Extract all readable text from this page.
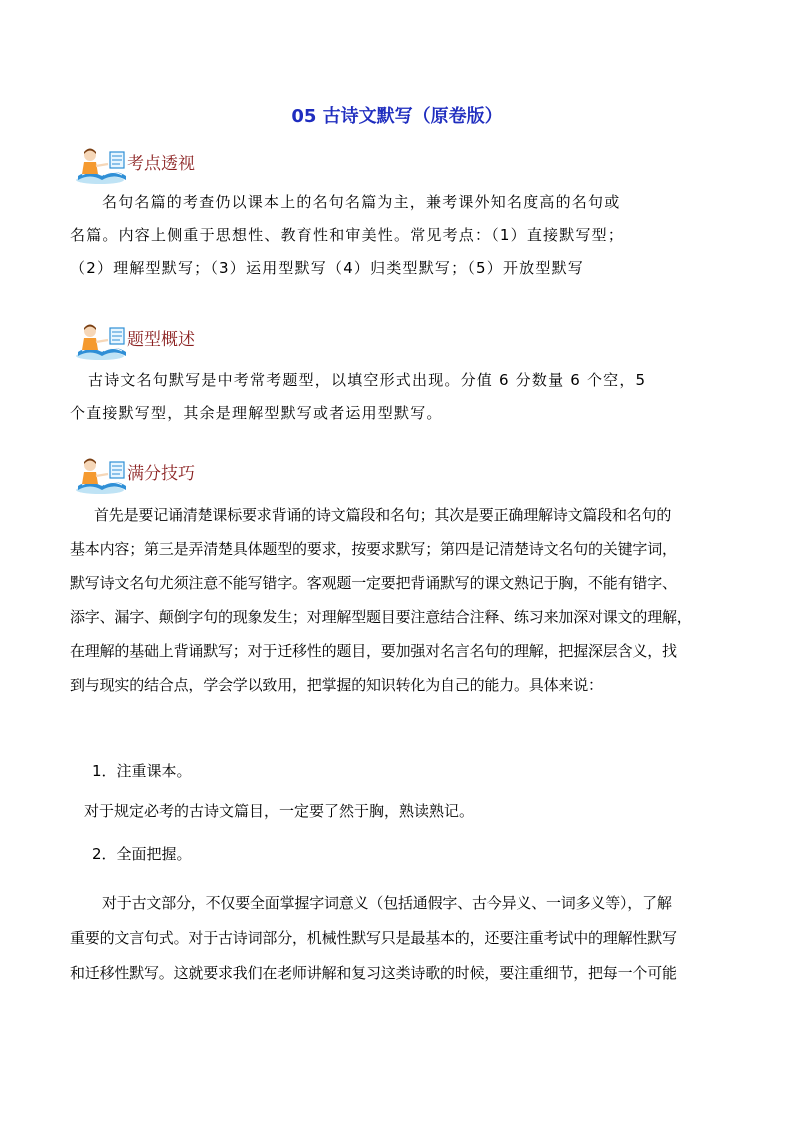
05 古诗文默写（原卷版）
考点透视
名句名篇的考查仍以课本上的名句名篇为主，兼考课外知名度高的名句或
名篇。内容上侧重于思想性、教育性和审美性。常见考点：（1）直接默写型；
（2）理解型默写；（3）运用型默写（4）归类型默写；（5）开放型默写
题型概述
古诗文名句默写是中考常考题型，以填空形式出现。分值 6 分数量 6 个空，5
个直接默写型，其余是理解型默写或者运用型默写。
满分技巧
首先是要记诵清楚课标要求背诵的诗文篇段和名句；其次是要正确理解诗文篇段和名句的
基本内容；第三是弄清楚具体题型的要求，按要求默写；第四是记清楚诗文名句的关键字词，
默写诗文名句尤须注意不能写错字。客观题一定要把背诵默写的课文熟记于胸，不能有错字、
添字、漏字、颠倒字句的现象发生；对理解型题目要注意结合注释、练习来加深对课文的理解，
在理解的基础上背诵默写；对于迁移性的题目，要加强对名言名句的理解，把握深层含义，找
到与现实的结合点，学会学以致用，把掌握的知识转化为自己的能力。具体来说：
1．注重课本。
对于规定必考的古诗文篇目，一定要了然于胸，熟读熟记。
2．全面把握。
对于古文部分，不仅要全面掌握字词意义（包括通假字、古今异义、一词多义等），了解
重要的文言句式。对于古诗词部分，机械性默写只是最基本的，还要注重考试中的理解性默写
和迁移性默写。这就要求我们在老师讲解和复习这类诗歌的时候，要注重细节，把每一个可能
